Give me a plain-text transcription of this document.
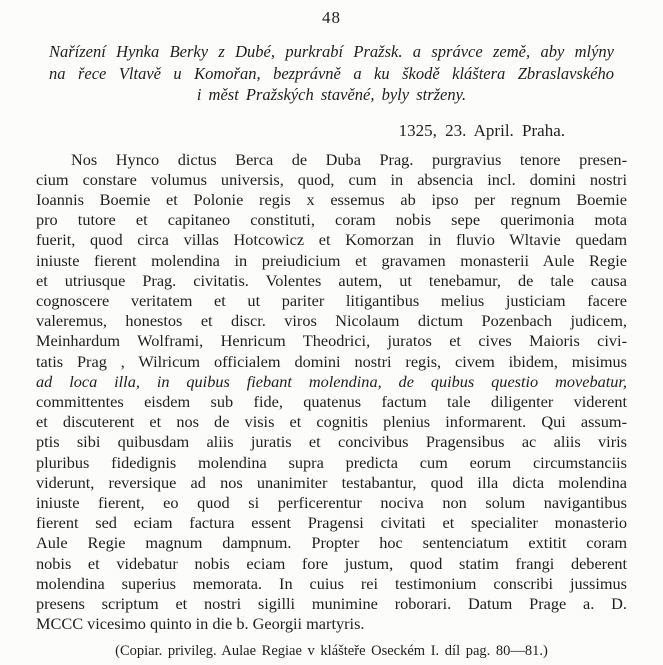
48
Nařízení Hynka Berky z Dubé, purkrabí Pražsk. a správce země, aby mlýny
na řece Vltavě u Komořan, bezprávně a ku škodě kláštera Zbraslavského
i měst Pražských stavěné, byly strženy.
1325, 23. April. Praha.
Nos Hynco dictus Berca de Duba Prag. purgravius tenore presen-
cium constare volumus universis, quod, cum in absencia incl. domini nostri
Ioannis Boemie et Polonie regis x essemus ab ipso per regnum Boemie
pro tutore et capitaneo constituti, coram nobis sepe querimonia mota
fuerit, quod circa villas Hotcowicz et Komorzan in fluvio Wltavie quedam
iniuste fierent molendina in preiudicium et gravamen monasterii Aule Regie
et utriusque Prag. civitatis. Volentes autem, ut tenebamur, de tale causa
cognoscere veritatem et ut pariter litigantibus melius justiciam facere
valeremus, honestos et discr. viros Nicolaum dictum Pozenbach judicem,
Meinhardum Wolframi, Henricum Theodrici, juratos et cives Maioris civi-
tatis Prag , Wilricum officialem domini nostri regis, civem ibidem, misimus
ad loca illa, in quibus fiebant molendina, de quibus questio movebatur,
committentes eisdem sub fide, quatenus factum tale diligenter viderent
et discuterent et nos de visis et cognitis plenius informarent. Qui assum-
ptis sibi quibusdam aliis juratis et concivibus Pragensibus ac aliis viris
pluribus fidedignis molendina supra predicta cum eorum circumstanciis
viderunt, reversique ad nos unanimiter testabantur, quod illa dicta molendina
iniuste fierent, eo quod si perficerentur nociva non solum navigantibus
fierent sed eciam factura essent Pragensi civitati et specialiter monasterio
Aule Regie magnum dampnum. Propter hoc sentenciatum extitit coram
nobis et videbatur nobis eciam fore justum, quod statim frangi deberent
molendina superius memorata. In cuius rei testimonium conscribi jussimus
presens scriptum et nostri sigilli munimine roborari. Datum Prage a. D.
MCCC vicesimo quinto in die b. Georgii martyris.
(Copiar. privileg. Aulae Regiae v klášteře Oseckém I. díl pag. 80—81.)
